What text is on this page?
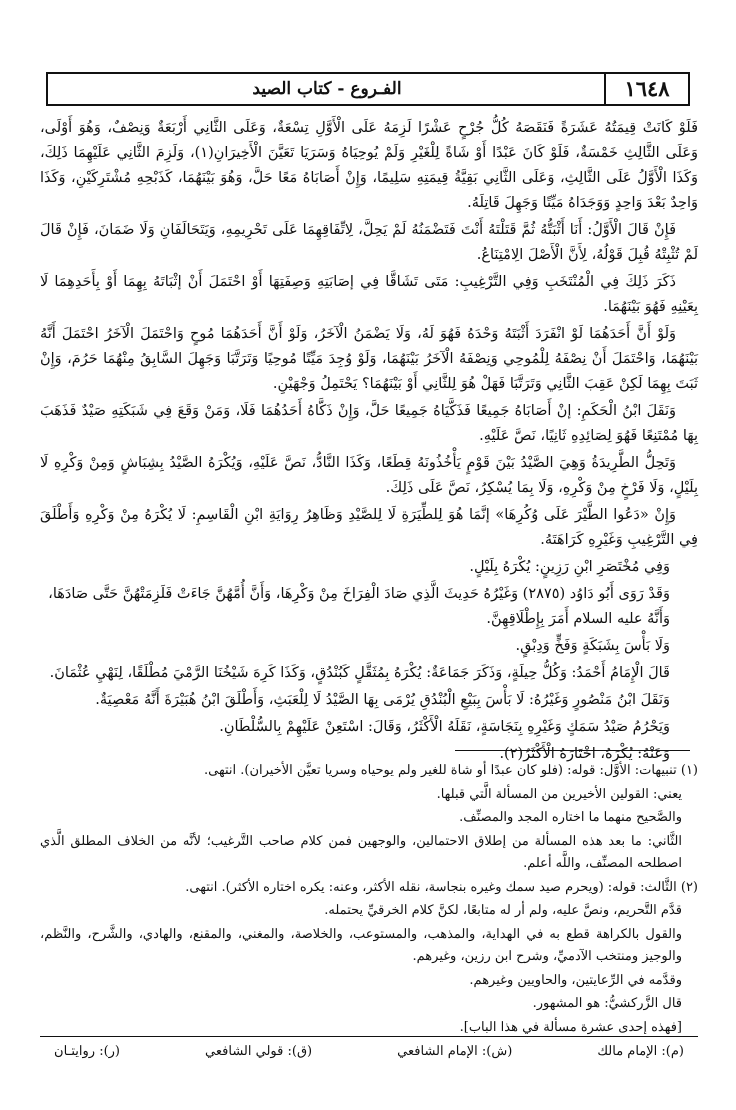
١٦٤٨
الفـروع - كتاب الصيد

فَلَوْ كَانَتْ قِيمَتُهُ عَشَرَةً فَنَقَصَهُ كُلُّ جُرْحٍ عَشْرًا لَزِمَهُ عَلَى الْأَوَّلِ تِسْعَةٌ، وَعَلَى الثَّانِي أَرْبَعَةٌ وَنِصْفٌ، وَهُوَ أَوْلَى، وَعَلَى الثَّالِثِ خَمْسَةٌ، فَلَوْ كَانَ عَبْدًا أَوْ شَاةً لِلْغَيْرِ وَلَمْ يُوحِيَاهُ وَسَرَيَا تَعَيَّنَ الْأَخِيرَانِ(١)، وَلَزِمَ الثَّانِي عَلَيْهِمَا ذَلِكَ، وَكَذَا الْأَوَّلُ عَلَى الثَّالِثِ، وَعَلَى الثَّانِي بَقِيَّةُ قِيمَتِهِ سَلِيمًا، وَإِنْ أَصَابَاهُ مَعًا حَلَّ، وَهُوَ بَيْنَهُمَا، كَذَبْحِهِ مُشْتَرِكَيْنِ، وَكَذَا وَاحِدٌ بَعْدَ وَاحِدٍ وَوَجَدَاهُ مَيِّتًا وَجَهِلَ قَاتِلَهُ.

فَإِنْ قَالَ الْأَوَّلُ: أَنَا أَثْبَتُّهُ ثُمَّ قَتَلْتَهُ أَنْتَ فَتَضْمَنُهُ لَمْ يَحِلَّ، لِاتِّفَاقِهِمَا عَلَى تَحْرِيمِهِ، وَيَتَحَالَفَانِ وَلَا ضَمَانَ، فَإِنْ قَالَ لَمْ تُثْبِتْهُ قُبِلَ قَوْلُهُ، لِأَنَّ الْأَصْلَ الِامْتِنَاعُ.

ذَكَرَ ذَلِكَ فِي الْمُنْتَخَبِ وَفِي التَّرْغِيبِ: مَتَى تَشَاقَّا فِي إصَابَتِهِ وَصِفَتِهَا أَوْ احْتَمَلَ أَنْ إثْبَاتَهُ بِهِمَا أَوْ بِأَحَدِهِمَا لَا بِعَيْنِهِ فَهُوَ بَيْنَهُمَا.

وَلَوْ أَنَّ أَحَدَهُمَا لَوْ انْفَرَدَ أَثْبَتَهُ وَحْدَهُ فَهُوَ لَهُ، وَلَا يَضْمَنُ الْآخَرُ، وَلَوْ أَنَّ أَحَدَهُمَا مُوحٍ وَاحْتَمَلَ الْآخَرُ احْتَمَلَ أَنَّهُ بَيْنَهُمَا، وَاحْتَمَلَ أَنْ نِصْفَهُ لِلْمُوحِي وَنِصْفَهُ الْآخَرُ بَيْنَهُمَا، وَلَوْ وُجِدَ مَيِّتًا مُوحِيًا وَتَرَتَّبَا وَجَهِلَ السَّابِقُ مِنْهُمَا حَرُمَ، وَإِنْ ثَبَتَ بِهِمَا لَكِنْ عَقِبَ الثَّانِي وَتَرَتَّبَا فَهَلْ هُوَ لِلثَّانِي أَوْ بَيْنَهُمَا؟ يَحْتَمِلُ وَجْهَيْنِ.

وَنَقَلَ ابْنُ الْحَكَمِ: إنْ أَصَابَاهُ جَمِيعًا فَذَكَّيَاهُ جَمِيعًا حَلَّ، وَإِنْ ذَكَّاهُ أَحَدُهُمَا فَلَا، وَمَنْ وَقَعَ فِي شَبَكَتِهِ صَيْدٌ فَذَهَبَ بِهَا مُمْتَنِعًا فَهُوَ لِصَائِدِهِ ثَانِيًا، نَصَّ عَلَيْهِ.

وَتَحِلُّ الطَّرِيدَةُ وَهِيَ الصَّيْدُ بَيْنَ قَوْمٍ يَأْخُذُونَهُ قِطَعًا، وَكَذَا النَّادُّ، نَصَّ عَلَيْهِ، وَيُكْرَهُ الصَّيْدُ بِشِبَاشٍ وَمِنْ وَكْرِهِ لَا بِلَيْلٍ، وَلَا فَرْخٍ مِنْ وَكْرِهِ، وَلَا بِمَا يُسْكِرُ، نَصَّ عَلَى ذَلِكَ.

وَإِنْ «دَعُوا الطَّيْرَ عَلَى وُكُرِهَا» إنَّمَا هُوَ لِلطِّيَرَةِ لَا لِلصَّيْدِ وَظَاهِرُ رِوَايَةِ ابْنِ الْقَاسِمِ: لَا يُكْرَهُ مِنْ وَكْرِهِ وَأَطْلَقَ فِي التَّرْغِيبِ وَغَيْرِهِ كَرَاهَتَهُ.

وَفِي مُخْتَصَرِ ابْنِ رَزِينٍ: يُكْرَهُ بِلَيْلٍ.

وَقَدْ رَوَى أَبُو دَاوُد (٢٨٧٥) وَغَيْرُهُ حَدِيثَ الَّذِي صَادَ الْفِرَاخَ مِنْ وَكْرِهَا، وَأَنَّ أُمَّهُنَّ جَاءَتْ فَلَزِمَتْهُنَّ حَتَّى صَادَهَا، وَأَنَّهُ عليه السلام أَمَرَ بِإِطْلَاقِهِنَّ.

وَلَا بَأْسَ بِشَبَكَةٍ وَفَخٍّ وَدِبْقٍ.

قَالَ الْإِمَامُ أَحْمَدُ: وَكُلُّ حِيلَةٍ، وَذَكَرَ جَمَاعَةٌ: يُكْرَهُ بِمُثَقَّلٍ كَبُنْدُقٍ، وَكَذَا كَرِهَ شَيْخُنَا الرَّمْيَ مُطْلَقًا، لِنَهْيِ عُثْمَانَ.

وَنَقَلَ ابْنُ مَنْصُورٍ وَغَيْرُهُ: لَا بَأْسَ بِبَيْعِ الْبُنْدُقِ يُرْمَى بِهَا الصَّيْدُ لَا لِلْعَبَثِ، وَأَطْلَقَ ابْنُ هُبَيْرَةَ أَنَّهُ مَعْصِيَةٌ.

وَيَحْرُمُ صَيْدُ سَمَكٍ وَغَيْرِهِ بِنَجَاسَةٍ، نَقَلَهُ الْأَكْثَرُ، وَقَالَ: اسْتَعِنْ عَلَيْهِمْ بِالسُّلْطَانِ.

وَعَنْهُ: يُكْرَهُ، اخْتَارَهُ الْأَكْثَرُ(٢).

(١) تنبيهات: الأوَّل: قوله: (فلو كان عبدًا أو شاة للغير ولم يوحياه وسريا تعيَّن الأخيران). انتهى.

يعني: القولين الأخيرين من المسألة الَّتي قبلها.

والصَّحيح منهما ما اختاره المجد والمصنِّف.

الثَّاني: ما بعد هذه المسألة من إطلاق الاحتمالين، والوجهين فمن كلام صاحب التَّرغيب؛ لأنَّه من الخلاف المطلق الَّذي اصطلحه المصنِّف، واللَّه أعلم.

(٢) الثَّالث: قوله: (ويحرم صيد سمك وغيره بنجاسة، نقله الأكثر، وعنه: يكره اختاره الأكثر). انتهى.

قدَّم التَّحريم، ونصَّ عليه، ولم أر له متابعًا، لكنَّ كلام الخرقيِّ يحتمله.

والقول بالكراهة قطع به في الهداية، والمذهب، والمستوعب، والخلاصة، والمغني، والمقنع، والهادي، والشَّرح، والنَّظم، والوجيز ومنتخب الآدميِّ، وشرح ابن رزين، وغيرهم.

وقدَّمه في الرِّعايتين، والحاويين وغيرهم.

قال الزَّركشيُّ: هو المشهور.

[فهذه إحدى عشرة مسألة في هذا الباب].

(م): الإمام مالك
(ش): الإمام الشافعي
(ق): قولي الشافعي
(ر): روايتـان
